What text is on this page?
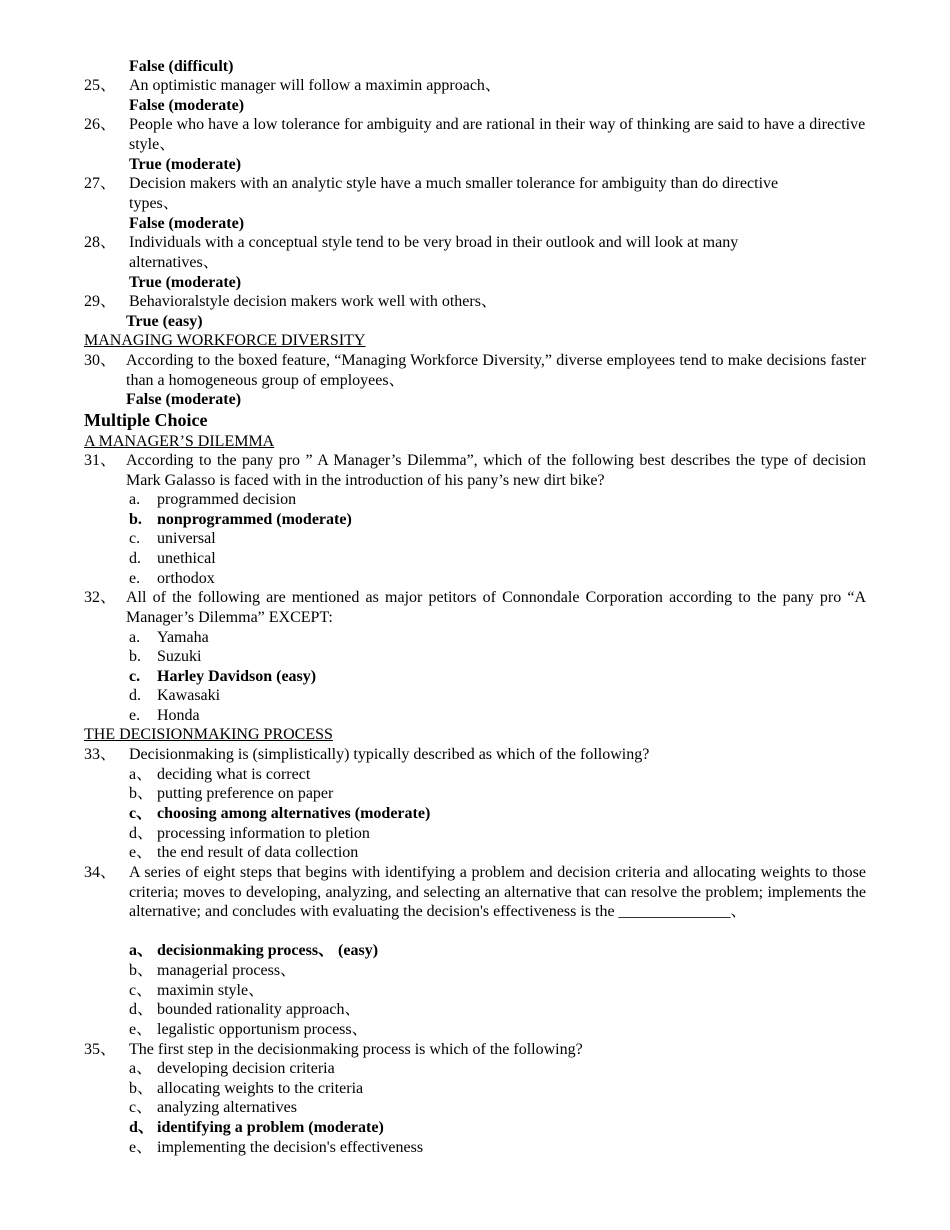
False (difficult)
25、 An optimistic manager will follow a maximin approach、
False (moderate)
26、 People who have a low tolerance for ambiguity and are rational in their way of thinking are said to have a directive style、
True (moderate)
27、 Decision makers with an analytic style have a much smaller tolerance for ambiguity than do directive types、
False (moderate)
28、 Individuals with a conceptual style tend to be very broad in their outlook and will look at many alternatives、
True (moderate)
29、 Behavioralstyle decision makers work well with others、
True (easy)
MANAGING WORKFORCE DIVERSITY
30、 According to the boxed feature, “Managing Workforce Diversity,” diverse employees tend to make decisions faster than a homogeneous group of employees、
False (moderate)
Multiple Choice
A MANAGER’S DILEMMA
31、 According to the pany pro ” A Manager’s Dilemma”, which of the following best describes the type of decision Mark Galasso is faced with in the introduction of his pany’s new dirt bike?
a. programmed decision
b. nonprogrammed (moderate)
c. universal
d. unethical
e. orthodox
32、 All of the following are mentioned as major petitors of Connondale Corporation according to the pany pro “A Manager’s Dilemma” EXCEPT:
a. Yamaha
b. Suzuki
c. Harley Davidson (easy)
d. Kawasaki
e. Honda
THE DECISIONMAKING PROCESS
33、 Decisionmaking is (simplistically) typically described as which of the following?
a、 deciding what is correct
b、 putting preference on paper
c、 choosing among alternatives (moderate)
d、 processing information to pletion
e、 the end result of data collection
34、 A series of eight steps that begins with identifying a problem and decision criteria and allocating weights to those criteria; moves to developing, analyzing, and selecting an alternative that can resolve the problem; implements the alternative; and concludes with evaluating the decision's effectiveness is the ______________、
a、 decisionmaking process、 (easy)
b、 managerial process、
c、 maximin style、
d、 bounded rationality approach、
e、 legalistic opportunism process、
35、 The first step in the decisionmaking process is which of the following?
a、 developing decision criteria
b、 allocating weights to the criteria
c、 analyzing alternatives
d、 identifying a problem (moderate)
e、 implementing the decision's effectiveness
